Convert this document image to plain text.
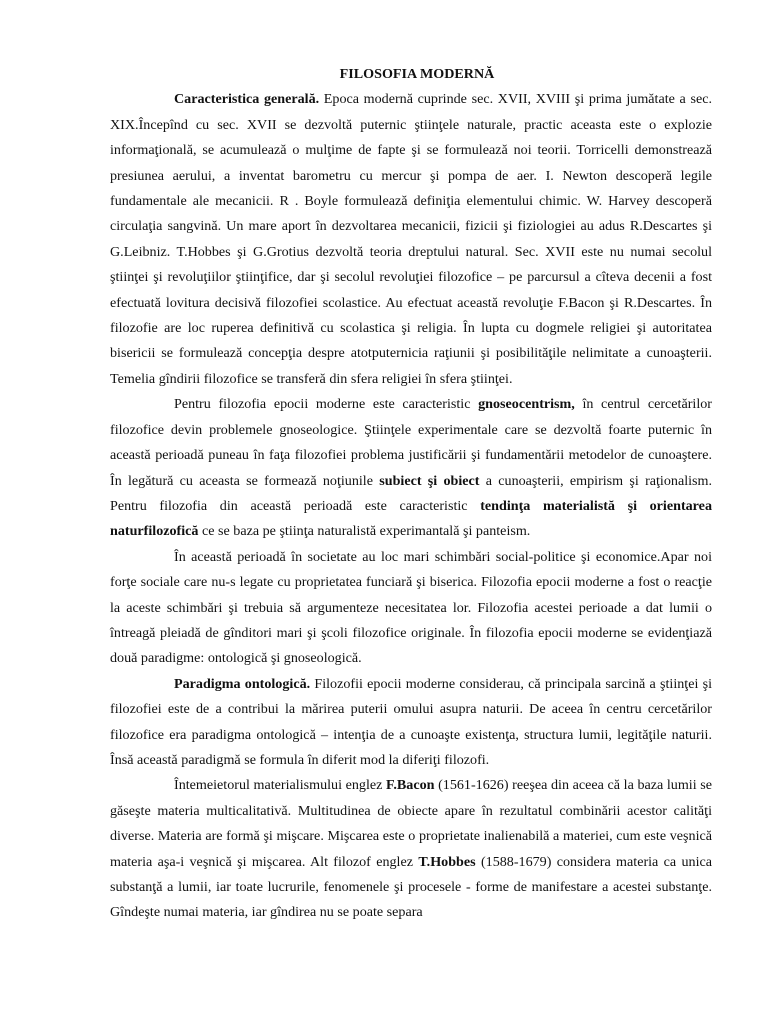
FILOSOFIA MODERNĂ

Caracteristica generală. Epoca modernă cuprinde sec. XVII, XVIII şi prima jumătate a sec. XIX.Începînd cu sec. XVII se dezvoltă puternic ştiinţele naturale, practic aceasta este o explozie informaţională, se acumulează o mulţime de fapte şi se formulează noi teorii. Torricelli demonstrează presiunea aerului, a inventat barometru cu mercur şi pompa de aer. I. Newton descoperă legile fundamentale ale mecanicii. R . Boyle formulează definiţia elementului chimic. W. Harvey descoperă circulaţia sangvină. Un mare aport în dezvoltarea mecanicii, fizicii şi fiziologiei au adus R.Descartes şi G.Leibniz. T.Hobbes şi G.Grotius dezvoltă teoria dreptului natural. Sec. XVII este nu numai secolul ştiinţei şi revoluţiilor ştiinţifice, dar şi secolul revoluţiei filozofice – pe parcursul a cîteva decenii a fost efectuată lovitura decisivă filozofiei scolastice. Au efectuat această revoluţie F.Bacon şi R.Descartes. În filozofie are loc ruperea definitivă cu scolastica şi religia. În lupta cu dogmele religiei şi autoritatea bisericii se formulează concepţia despre atotputernicia raţiunii şi posibilităţile nelimitate a cunoaşterii. Temelia gîndirii filozofice se transferă din sfera religiei în sfera ştiinţei.

Pentru filozofia epocii moderne este caracteristic gnoseocentrism, în centrul cercetărilor filozofice devin problemele gnoseologice. Ştiinţele experimentale care se dezvoltă foarte puternic în această perioadă puneau în faţa filozofiei problema justificării şi fundamentării metodelor de cunoaştere. În legătură cu aceasta se formează noţiunile subiect şi obiect a cunoaşterii, empirism şi raţionalism. Pentru filozofia din această perioadă este caracteristic tendinţa materialistă şi orientarea naturfilozofică ce se baza pe ştiinţa naturalistă experimantală şi panteism.

În această perioadă în societate au loc mari schimbări social-politice şi economice.Apar noi forţe sociale care nu-s legate cu proprietatea funciară şi biserica. Filozofia epocii moderne a fost o reacţie la aceste schimbări şi trebuia să argumenteze necesitatea lor. Filozofia acestei perioade a dat lumii o întreagă pleiadă de gînditori mari şi şcoli filozofice originale. În filozofia epocii moderne se evidenţiază două paradigme: ontologică şi gnoseologică.

Paradigma ontologică. Filozofii epocii moderne considerau, că principala sarcină a ştiinţei şi filozofiei este de a contribui la mărirea puterii omului asupra naturii. De aceea în centru cercetărilor filozofice era paradigma ontologică – intenţia de a cunoaşte existenţa, structura lumii, legităţile naturii. Însă această paradigmă se formula în diferit mod la diferiţi filozofi.

Întemeietorul materialismului englez F.Bacon (1561-1626) reeşea din aceea că la baza lumii se găseşte materia multicalitativă. Multitudinea de obiecte apare în rezultatul combinării acestor calităţi diverse. Materia are formă şi mişcare. Mişcarea este o proprietate inalienabilă a materiei, cum este veşnică materia aşa-i veşnică şi mişcarea. Alt filozof englez T.Hobbes (1588-1679) considera materia ca unica substanţă a lumii, iar toate lucrurile, fenomenele şi procesele - forme de manifestare a acestei substanţe. Gîndeşte numai materia, iar gîndirea nu se poate separa
